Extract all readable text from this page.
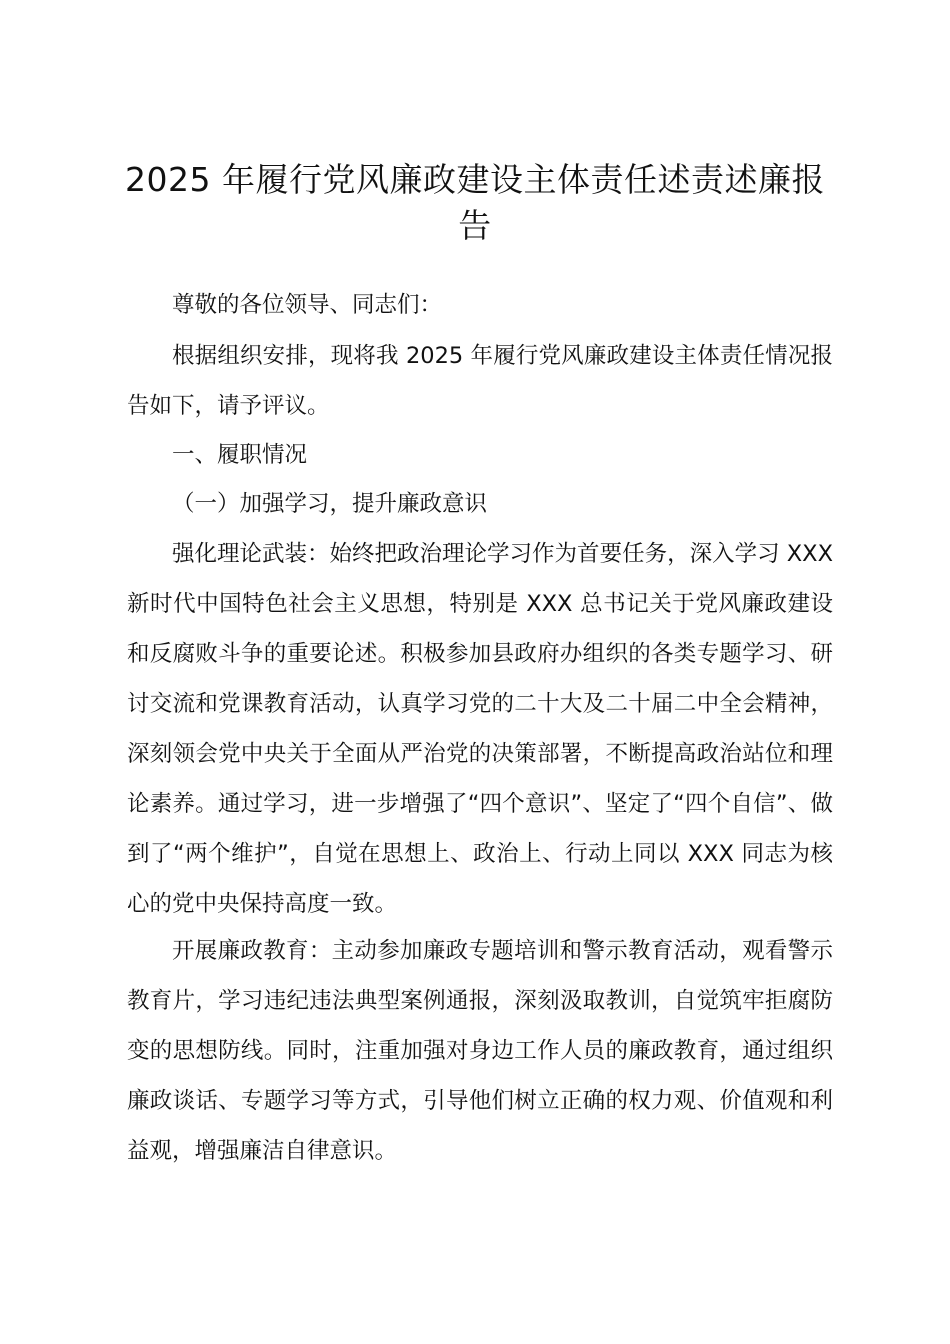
2025 年履行党风廉政建设主体责任述责述廉报告

尊敬的各位领导、同志们：

根据组织安排，现将我 2025 年履行党风廉政建设主体责任情况报告如下，请予评议。

一、履职情况

（一）加强学习，提升廉政意识

强化理论武装：始终把政治理论学习作为首要任务，深入学习 XXX 新时代中国特色社会主义思想，特别是 XXX 总书记关于党风廉政建设和反腐败斗争的重要论述。积极参加县政府办组织的各类专题学习、研讨交流和党课教育活动，认真学习党的二十大及二十届二中全会精神，深刻领会党中央关于全面从严治党的决策部署，不断提高政治站位和理论素养。通过学习，进一步增强了“四个意识”、坚定了“四个自信”、做到了“两个维护”，自觉在思想上、政治上、行动上同以 XXX 同志为核心的党中央保持高度一致。

开展廉政教育：主动参加廉政专题培训和警示教育活动，观看警示教育片，学习违纪违法典型案例通报，深刻汲取教训，自觉筑牢拒腐防变的思想防线。同时，注重加强对身边工作人员的廉政教育，通过组织廉政谈话、专题学习等方式，引导他们树立正确的权力观、价值观和利益观，增强廉洁自律意识。
